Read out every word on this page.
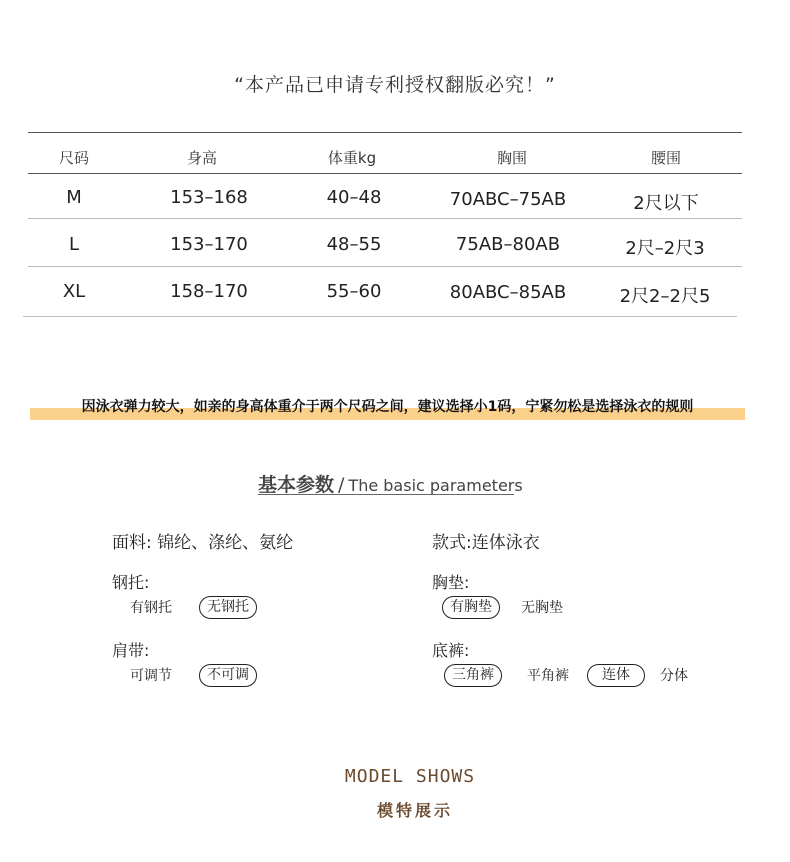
“本产品已申请专利授权翻版必究！”
尺码	身高	体重kg	胸围	腰围
M	153–168	40–48	70ABC–75AB	2尺以下
L	153–170	48–55	75AB–80AB	2尺–2尺3
XL	158–170	55–60	80ABC–85AB	2尺2–2尺5
因泳衣弹力较大，如亲的身高体重介于两个尺码之间，建议选择小1码，宁紧勿松是选择泳衣的规则
基本参数 / The basic parameters
面料: 锦纶、涤纶、氨纶	款式:连体泳衣
钢托:
有钢托	无钢托
胸垫:
有胸垫	无胸垫
肩带:
可调节	不可调
底裤:
三角裤	平角裤	连体	分体
MODEL SHOWS
模特展示
